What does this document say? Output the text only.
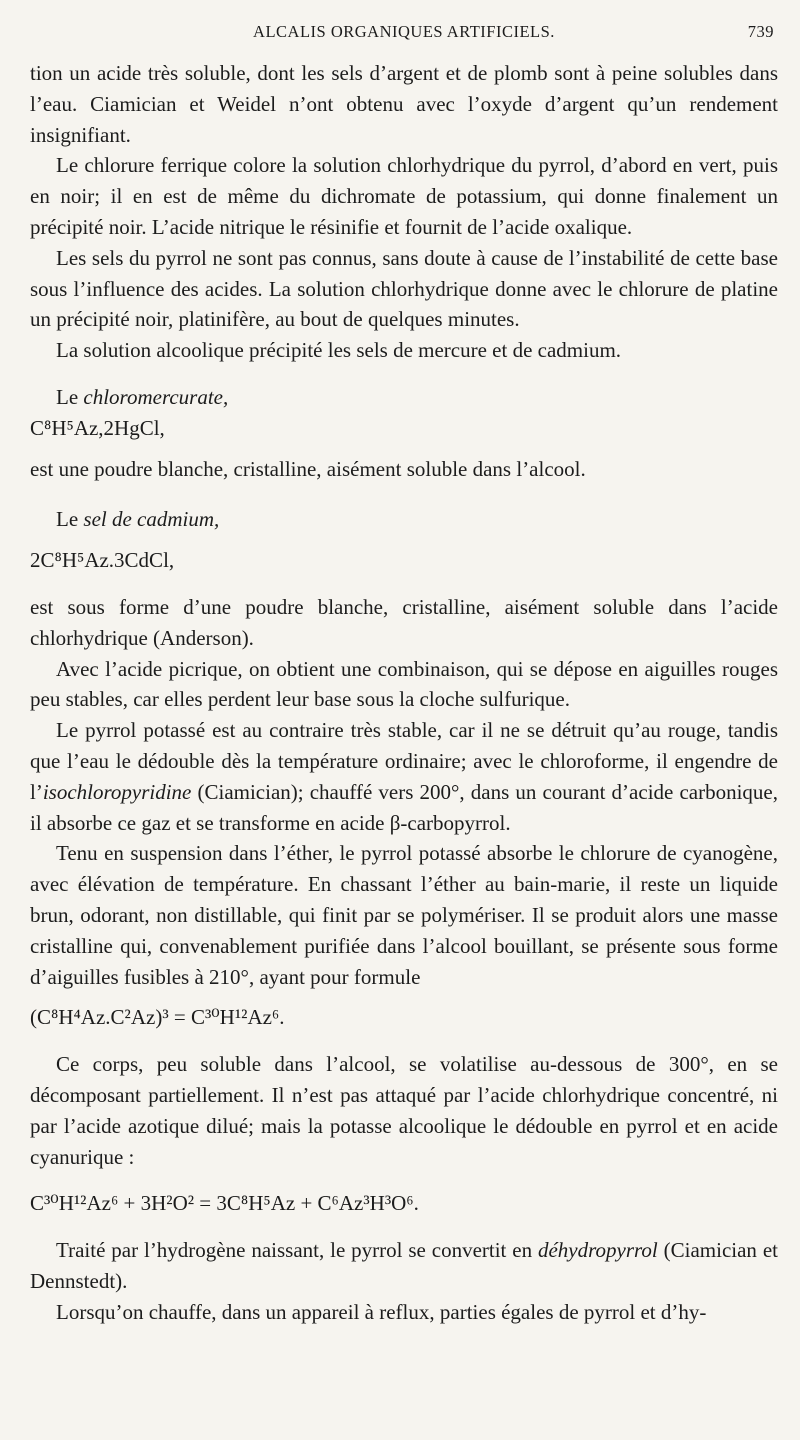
ALCALIS ORGANIQUES ARTIFICIELS.	739

tion un acide très soluble, dont les sels d’argent et de plomb sont à peine solubles dans l’eau. Ciamician et Weidel n’ont obtenu avec l’oxyde d’argent qu’un rendement insignifiant.

Le chlorure ferrique colore la solution chlorhydrique du pyrrol, d’abord en vert, puis en noir; il en est de même du dichromate de potassium, qui donne finalement un précipité noir. L’acide nitrique le résinifie et fournit de l’acide oxalique.

Les sels du pyrrol ne sont pas connus, sans doute à cause de l’instabilité de cette base sous l’influence des acides. La solution chlorhydrique donne avec le chlorure de platine un précipité noir, platinifère, au bout de quelques minutes.

La solution alcoolique précipité les sels de mercure et de cadmium.

Le chloromercurate,

C⁸H⁵Az,2HgCl,

est une poudre blanche, cristalline, aisément soluble dans l’alcool.

Le sel de cadmium,

2C⁸H⁵Az.3CdCl,

est sous forme d’une poudre blanche, cristalline, aisément soluble dans l’acide chlorhydrique (Anderson).

Avec l’acide picrique, on obtient une combinaison, qui se dépose en aiguilles rouges peu stables, car elles perdent leur base sous la cloche sulfurique.

Le pyrrol potassé est au contraire très stable, car il ne se détruit qu’au rouge, tandis que l’eau le dédouble dès la température ordinaire; avec le chloroforme, il engendre de l’isochloropyridine (Ciamician); chauffé vers 200°, dans un courant d’acide carbonique, il absorbe ce gaz et se transforme en acide β-carbopyrrol.

Tenu en suspension dans l’éther, le pyrrol potassé absorbe le chlorure de cyanogène, avec élévation de température. En chassant l’éther au bain-marie, il reste un liquide brun, odorant, non distillable, qui finit par se polymériser. Il se produit alors une masse cristalline qui, convenablement purifiée dans l’alcool bouillant, se présente sous forme d’aiguilles fusibles à 210°, ayant pour formule

(C⁸H⁴Az.C²Az)³ = C³⁰H¹²Az⁶.

Ce corps, peu soluble dans l’alcool, se volatilise au-dessous de 300°, en se décomposant partiellement. Il n’est pas attaqué par l’acide chlorhydrique concentré, ni par l’acide azotique dilué; mais la potasse alcoolique le dédouble en pyrrol et en acide cyanurique :

C³⁰H¹²Az⁶ + 3H²O² = 3C⁸H⁵Az + C⁶Az³H³O⁶.

Traité par l’hydrogène naissant, le pyrrol se convertit en déhydropyrrol (Ciamician et Dennstedt).

Lorsqu’on chauffe, dans un appareil à reflux, parties égales de pyrrol et d’hy-
